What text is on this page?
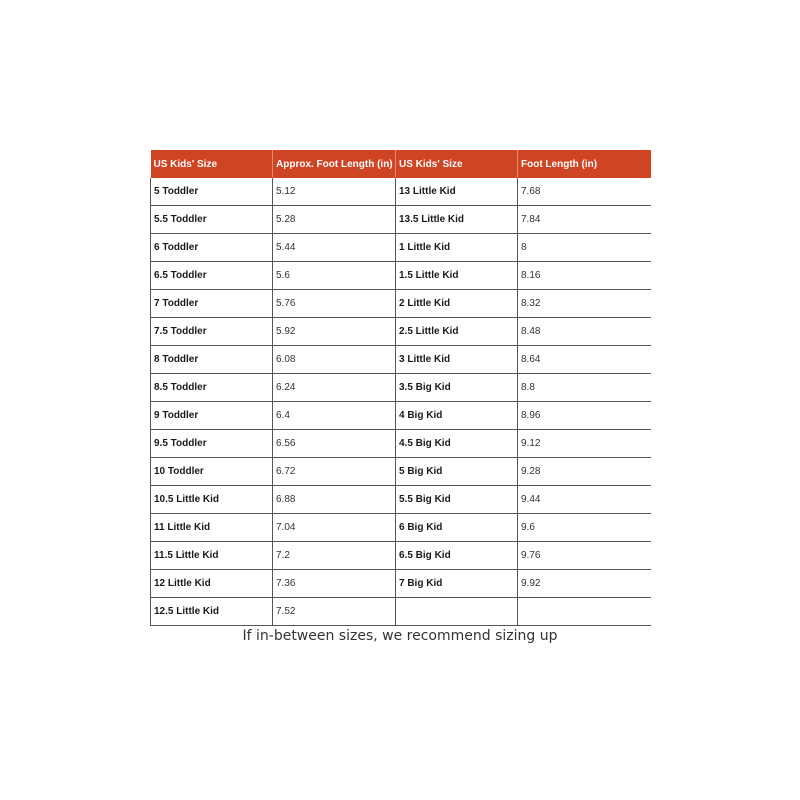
US Kids' Size	Approx. Foot Length (in)	US Kids' Size	Foot Length (in)
5 Toddler	5.12	13 Little Kid	7.68
5.5 Toddler	5.28	13.5 Little Kid	7.84
6 Toddler	5.44	1 Little Kid	8
6.5 Toddler	5.6	1.5 Little Kid	8.16
7 Toddler	5.76	2 Little Kid	8.32
7.5 Toddler	5.92	2.5 Little Kid	8.48
8 Toddler	6.08	3 Little Kid	8.64
8.5 Toddler	6.24	3.5 Big Kid	8.8
9 Toddler	6.4	4 Big Kid	8.96
9.5 Toddler	6.56	4.5 Big Kid	9.12
10 Toddler	6.72	5 Big Kid	9.28
10.5 Little Kid	6.88	5.5 Big Kid	9.44
11 Little Kid	7.04	6 Big Kid	9.6
11.5 Little Kid	7.2	6.5 Big Kid	9.76
12 Little Kid	7.36	7 Big Kid	9.92
12.5 Little Kid	7.52		
If in-between sizes, we recommend sizing up
